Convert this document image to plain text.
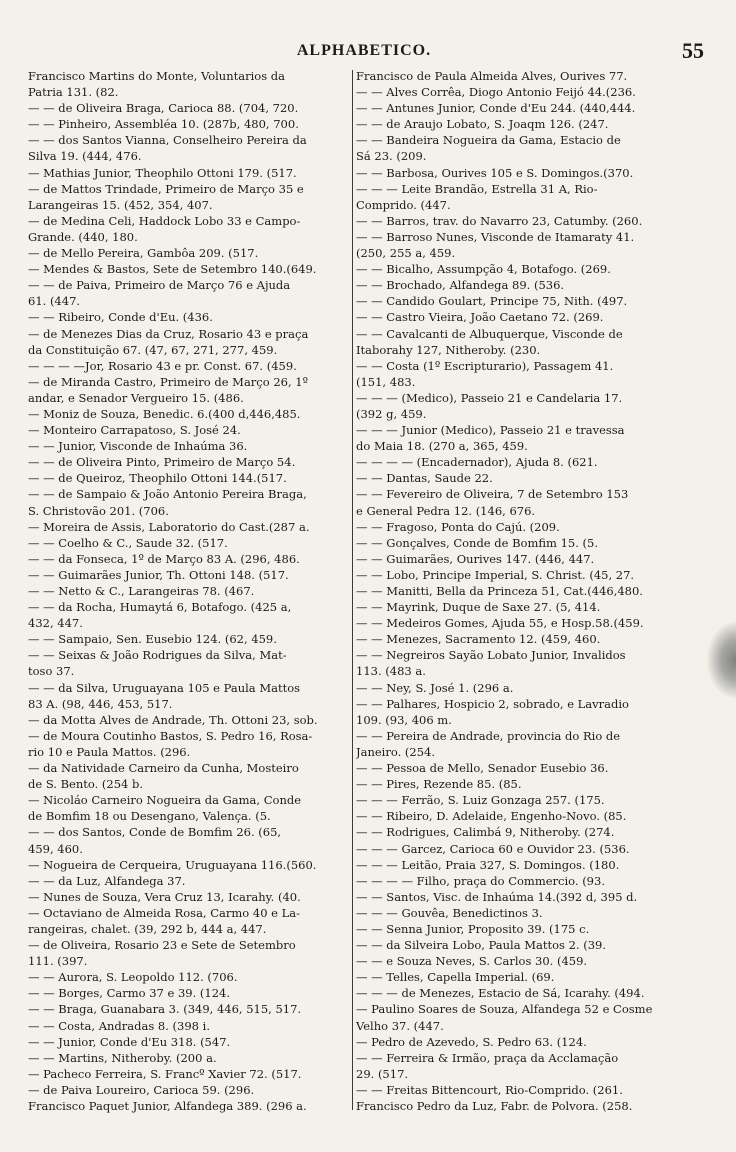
ALPHABETICO.	55
Francisco Martins do Monte, Voluntarios da
Patria 131. (82.
— — de Oliveira Braga, Carioca 88. (704, 720.
— — Pinheiro, Assembléa 10. (287b, 480, 700.
— — dos Santos Vianna, Conselheiro Pereira da
Silva 19. (444, 476.
— Mathias Junior, Theophilo Ottoni 179. (517.
— de Mattos Trindade, Primeiro de Março 35 e
Larangeiras 15. (452, 354, 407.
— de Medina Celi, Haddock Lobo 33 e Campo-
Grande. (440, 180.
— de Mello Pereira, Gambôa 209. (517.
— Mendes & Bastos, Sete de Setembro 140.(649.
— — de Paiva, Primeiro de Março 76 e Ajuda
61. (447.
— — Ribeiro, Conde d'Eu. (436.
— de Menezes Dias da Cruz, Rosario 43 e praça
da Constituição 67. (47, 67, 271, 277, 459.
— — — —Jor, Rosario 43 e pr. Const. 67. (459.
— de Miranda Castro, Primeiro de Março 26, 1º
andar, e Senador Vergueiro 15. (486.
— Moniz de Souza, Benedic. 6.(400 d,446,485.
— Monteiro Carrapatoso, S. José 24.
— — Junior, Visconde de Inhaúma 36.
— — de Oliveira Pinto, Primeiro de Março 54.
— — de Queiroz, Theophilo Ottoni 144.(517.
— — de Sampaio & João Antonio Pereira Braga,
S. Christovão 201. (706.
— Moreira de Assis, Laboratorio do Cast.(287 a.
— — Coelho & C., Saude 32. (517.
— — da Fonseca, 1º de Março 83 A. (296, 486.
— — Guimarães Junior, Th. Ottoni 148. (517.
— — Netto & C., Larangeiras 78. (467.
— — da Rocha, Humaytá 6, Botafogo. (425 a,
432, 447.
— — Sampaio, Sen. Eusebio 124. (62, 459.
— — Seixas & João Rodrigues da Silva, Mat-
toso 37.
— — da Silva, Uruguayana 105 e Paula Mattos
83 A. (98, 446, 453, 517.
— da Motta Alves de Andrade, Th. Ottoni 23, sob.
— de Moura Coutinho Bastos, S. Pedro 16, Rosa-
rio 10 e Paula Mattos. (296.
— da Natividade Carneiro da Cunha, Mosteiro
de S. Bento. (254 b.
— Nicoláo Carneiro Nogueira da Gama, Conde
de Bomfim 18 ou Desengano, Valença. (5.
— — dos Santos, Conde de Bomfim 26. (65,
459, 460.
— Nogueira de Cerqueira, Uruguayana 116.(560.
— — da Luz, Alfandega 37.
— Nunes de Souza, Vera Cruz 13, Icarahy. (40.
— Octaviano de Almeida Rosa, Carmo 40 e La-
rangeiras, chalet. (39, 292 b, 444 a, 447.
— de Oliveira, Rosario 23 e Sete de Setembro
111. (397.
— — Aurora, S. Leopoldo 112. (706.
— — Borges, Carmo 37 e 39. (124.
— — Braga, Guanabara 3. (349, 446, 515, 517.
— — Costa, Andradas 8. (398 i.
— — Junior, Conde d'Eu 318. (547.
— — Martins, Nitheroby. (200 a.
— Pacheco Ferreira, S. Francº Xavier 72. (517.
— de Paiva Loureiro, Carioca 59. (296.
Francisco Paquet Junior, Alfandega 389. (296 a.
Francisco de Paula Almeida Alves, Ourives 77.
— — Alves Corrêa, Diogo Antonio Feijó 44.(236.
— — Antunes Junior, Conde d'Eu 244. (440,444.
— — de Araujo Lobato, S. Joaqm 126. (247.
— — Bandeira Nogueira da Gama, Estacio de
Sá 23. (209.
— — Barbosa, Ourives 105 e S. Domingos.(370.
— — — Leite Brandão, Estrella 31 A, Rio-
Comprido. (447.
— — Barros, trav. do Navarro 23, Catumby. (260.
— — Barroso Nunes, Visconde de Itamaraty 41.
(250, 255 a, 459.
— — Bicalho, Assumpção 4, Botafogo. (269.
— — Brochado, Alfandega 89. (536.
— — Candido Goulart, Principe 75, Nith. (497.
— — Castro Vieira, João Caetano 72. (269.
— — Cavalcanti de Albuquerque, Visconde de
Itaborahy 127, Nitheroby. (230.
— — Costa (1º Escripturario), Passagem 41.
(151, 483.
— — — (Medico), Passeio 21 e Candelaria 17.
(392 g, 459.
— — — Junior (Medico), Passeio 21 e travessa
do Maia 18. (270 a, 365, 459.
— — — — (Encadernador), Ajuda 8. (621.
— — Dantas, Saude 22.
— — Fevereiro de Oliveira, 7 de Setembro 153
e General Pedra 12. (146, 676.
— — Fragoso, Ponta do Cajú. (209.
— — Gonçalves, Conde de Bomfim 15. (5.
— — Guimarães, Ourives 147. (446, 447.
— — Lobo, Principe Imperial, S. Christ. (45, 27.
— — Manitti, Bella da Princeza 51, Cat.(446,480.
— — Mayrink, Duque de Saxe 27. (5, 414.
— — Medeiros Gomes, Ajuda 55, e Hosp.58.(459.
— — Menezes, Sacramento 12. (459, 460.
— — Negreiros Sayão Lobato Junior, Invalidos
113. (483 a.
— — Ney, S. José 1. (296 a.
— — Palhares, Hospicio 2, sobrado, e Lavradio
109. (93, 406 m.
— — Pereira de Andrade, provincia do Rio de
Janeiro. (254.
— — Pessoa de Mello, Senador Eusebio 36.
— — Pires, Rezende 85. (85.
— — — Ferrão, S. Luiz Gonzaga 257. (175.
— — Ribeiro, D. Adelaide, Engenho-Novo. (85.
— — Rodrigues, Calimbá 9, Nitheroby. (274.
— — — Garcez, Carioca 60 e Ouvidor 23. (536.
— — — Leitão, Praia 327, S. Domingos. (180.
— — — — Filho, praça do Commercio. (93.
— — Santos, Visc. de Inhaúma 14.(392 d, 395 d.
— — — Gouvêa, Benedictinos 3.
— — Senna Junior, Proposito 39. (175 c.
— — da Silveira Lobo, Paula Mattos 2. (39.
— — e Souza Neves, S. Carlos 30. (459.
— — Telles, Capella Imperial. (69.
— — — de Menezes, Estacio de Sá, Icarahy. (494.
— Paulino Soares de Souza, Alfandega 52 e Cosme
Velho 37. (447.
— Pedro de Azevedo, S. Pedro 63. (124.
— — Ferreira & Irmão, praça da Acclamação
29. (517.
— — Freitas Bittencourt, Rio-Comprido. (261.
Francisco Pedro da Luz, Fabr. de Polvora. (258.
